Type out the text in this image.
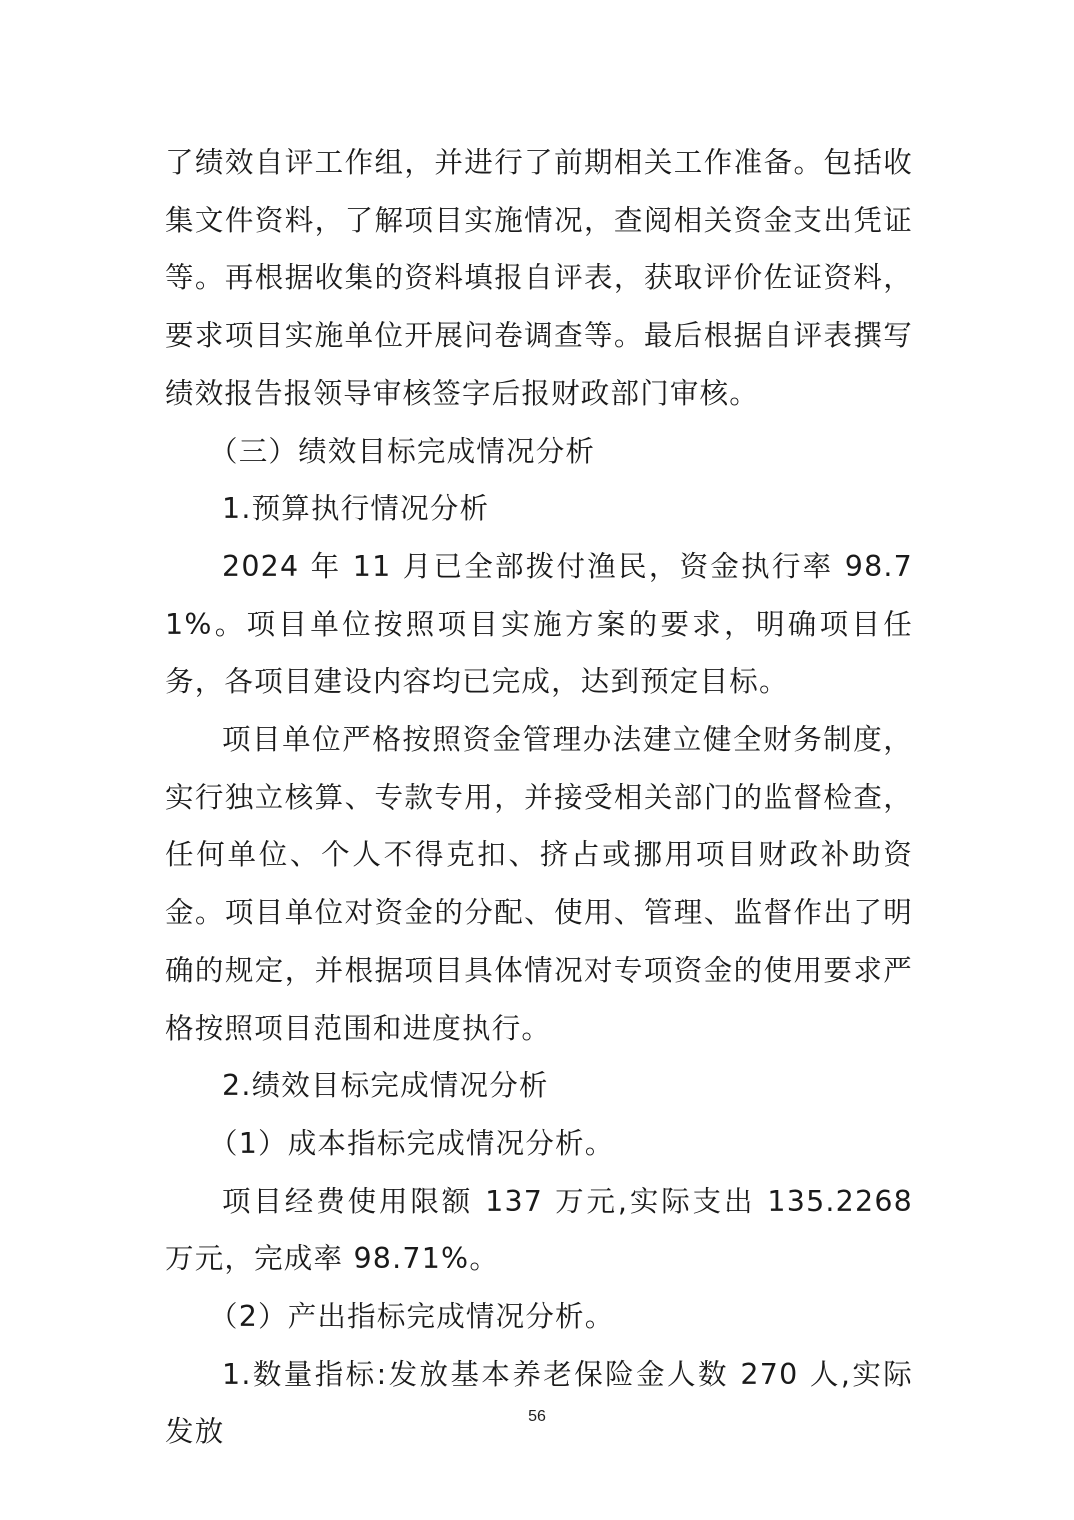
了绩效自评工作组，并进行了前期相关工作准备。包括收集文件资料，了解项目实施情况，查阅相关资金支出凭证等。再根据收集的资料填报自评表，获取评价佐证资料，要求项目实施单位开展问卷调查等。最后根据自评表撰写绩效报告报领导审核签字后报财政部门审核。

（三）绩效目标完成情况分析

1.预算执行情况分析

2024 年 11 月已全部拨付渔民，资金执行率 98.71%。项目单位按照项目实施方案的要求，明确项目任务，各项目建设内容均已完成，达到预定目标。

项目单位严格按照资金管理办法建立健全财务制度，实行独立核算、专款专用，并接受相关部门的监督检查，任何单位、个人不得克扣、挤占或挪用项目财政补助资金。项目单位对资金的分配、使用、管理、监督作出了明确的规定，并根据项目具体情况对专项资金的使用要求严格按照项目范围和进度执行。

2.绩效目标完成情况分析

（1）成本指标完成情况分析。

项目经费使用限额 137 万元,实际支出 135.2268 万元，完成率 98.71%。

（2）产出指标完成情况分析。

1.数量指标:发放基本养老保险金人数 270 人,实际发放	56
